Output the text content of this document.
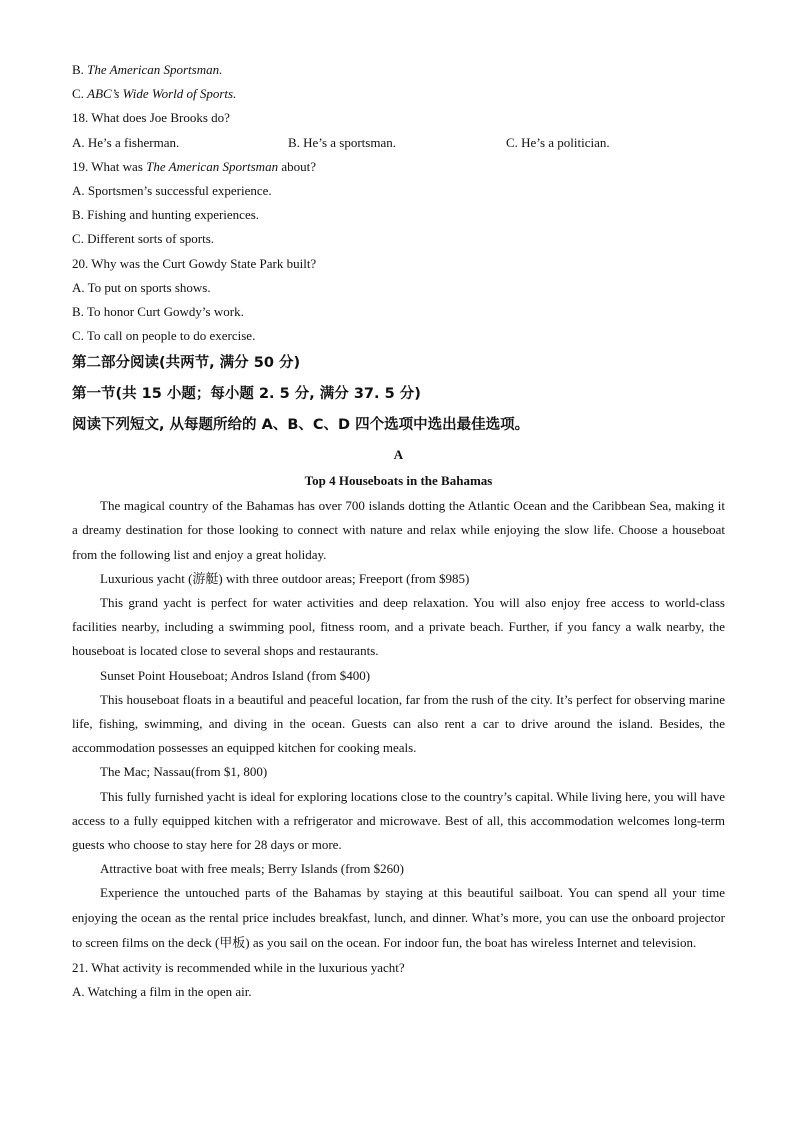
B. The American Sportsman.
C. ABC’s Wide World of Sports.
18. What does Joe Brooks do?
A. He’s a fisherman.	B. He’s a sportsman.	C. He’s a politician.
19. What was The American Sportsman about?
A. Sportsmen’s successful experience.
B. Fishing and hunting experiences.
C. Different sorts of sports.
20. Why was the Curt Gowdy State Park built?
A. To put on sports shows.
B. To honor Curt Gowdy’s work.
C. To call on people to do exercise.
第二部分阅读(共两节, 满分 50 分)
第一节(共 15 小题；每小题 2. 5 分, 满分 37. 5 分)
阅读下列短文, 从每题所给的 A、B、C、D 四个选项中选出最佳选项。
A
Top 4 Houseboats in the Bahamas

The magical country of the Bahamas has over 700 islands dotting the Atlantic Ocean and the Caribbean Sea, making it a dreamy destination for those looking to connect with nature and relax while enjoying the slow life. Choose a houseboat from the following list and enjoy a great holiday.

Luxurious yacht (游艇) with three outdoor areas; Freeport (from $985)

This grand yacht is perfect for water activities and deep relaxation. You will also enjoy free access to world-class facilities nearby, including a swimming pool, fitness room, and a private beach. Further, if you fancy a walk nearby, the houseboat is located close to several shops and restaurants.

Sunset Point Houseboat; Andros Island (from $400)

This houseboat floats in a beautiful and peaceful location, far from the rush of the city. It’s perfect for observing marine life, fishing, swimming, and diving in the ocean. Guests can also rent a car to drive around the island. Besides, the accommodation possesses an equipped kitchen for cooking meals.

The Mac; Nassau(from $1, 800)

This fully furnished yacht is ideal for exploring locations close to the country’s capital. While living here, you will have access to a fully equipped kitchen with a refrigerator and microwave. Best of all, this accommodation welcomes long-term guests who choose to stay here for 28 days or more.

Attractive boat with free meals; Berry Islands (from $260)

Experience the untouched parts of the Bahamas by staying at this beautiful sailboat. You can spend all your time enjoying the ocean as the rental price includes breakfast, lunch, and dinner. What’s more, you can use the onboard projector to screen films on the deck (甲板) as you sail on the ocean. For indoor fun, the boat has wireless Internet and television.

21. What activity is recommended while in the luxurious yacht?
A. Watching a film in the open air.
